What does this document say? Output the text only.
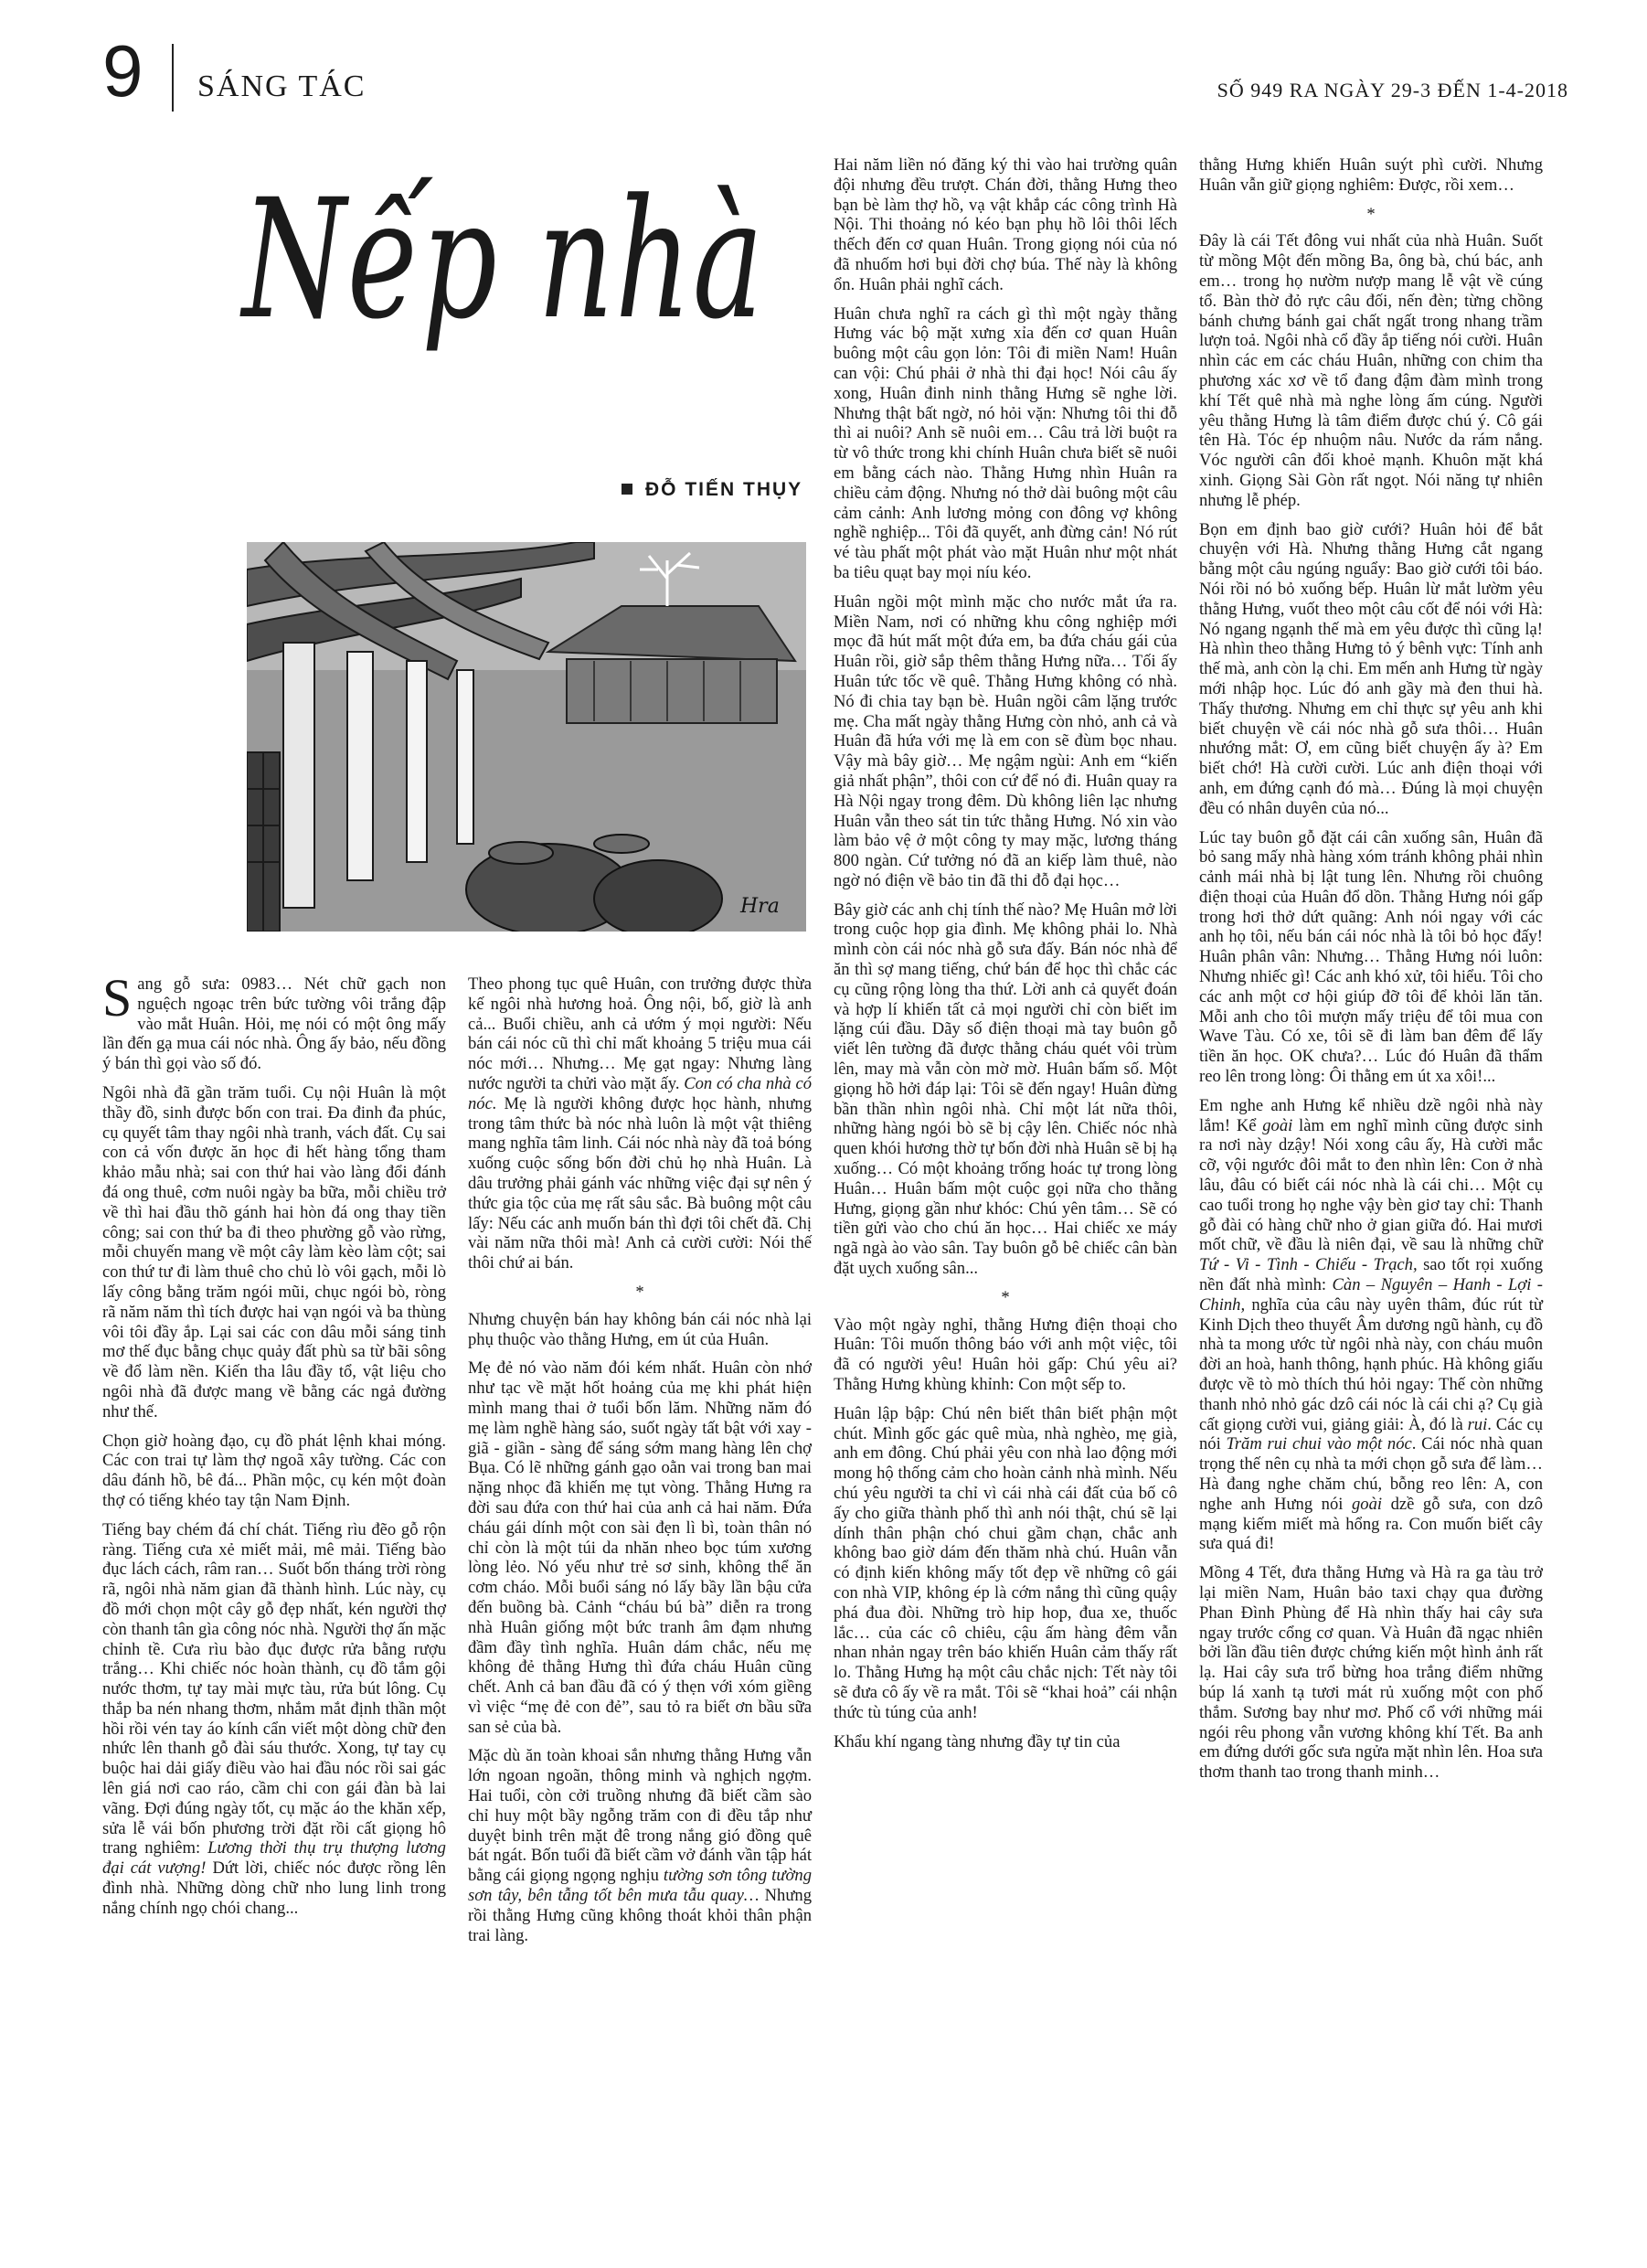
9 SÁNG TÁC	SỐ 949 RA NGÀY 29-3 ĐẾN 1-4-2018
Nếp nhà
ĐỖ TIẾN THỤY
Hra

Sang gỗ sưa: 0983… Nét chữ gạch non nguệch ngoạc trên bức tường vôi trắng đập vào mắt Huân. Hỏi, mẹ nói có một ông mấy lần đến gạ mua cái nóc nhà. Ông ấy bảo, nếu đồng ý bán thì gọi vào số đó.

Ngôi nhà đã gần trăm tuổi. Cụ nội Huân là một thầy đồ, sinh được bốn con trai. Đa đinh đa phúc, cụ quyết tâm thay ngôi nhà tranh, vách đất. Cụ sai con cả vốn được ăn học đi hết hàng tổng tham khảo mẫu nhà; sai con thứ hai vào làng đổi đánh đá ong thuê, cơm nuôi ngày ba bữa, mỗi chiều trở về thì hai đầu thõ gánh hai hòn đá ong thay tiền công; sai con thứ ba đi theo phường gỗ vào rừng, mỗi chuyến mang về một cây làm kèo làm cột; sai con thứ tư đi làm thuê cho chủ lò vôi gạch, mỗi lò lấy công bằng trăm ngói mũi, chục ngói bò, ròng rã năm năm thì tích được hai vạn ngói và ba thùng vôi tôi đầy ắp. Lại sai các con dâu mỗi sáng tinh mơ thế đục bằng chục quảy đất phù sa từ bãi sông về đổ làm nền. Kiến tha lâu đầy tổ, vật liệu cho ngôi nhà đã được mang về bằng các ngả đường như thế.

Chọn giờ hoàng đạo, cụ đồ phát lệnh khai móng. Các con trai tự làm thợ ngoã xây tường. Các con dâu đánh hồ, bê đá... Phần mộc, cụ kén một đoàn thợ có tiếng khéo tay tận Nam Định.

Tiếng bay chém đá chí chát. Tiếng rìu đẽo gỗ rộn ràng. Tiếng cưa xẻ miết mải, mê mải. Tiếng bào đục lách cách, râm ran… Suốt bốn tháng trời ròng rã, ngôi nhà năm gian đã thành hình. Lúc này, cụ đồ mới chọn một cây gỗ đẹp nhất, kén người thợ còn thanh tân gìa công nóc nhà. Người thợ ấn mặc chỉnh tề. Cưa rìu bào đục được rửa bằng rượu trắng… Khi chiếc nóc hoàn thành, cụ đồ tắm gội nước thơm, tự tay mài mực tàu, rửa bút lông. Cụ thắp ba nén nhang thơm, nhắm mắt định thần một hồi rồi vén tay áo kính cẩn viết một dòng chữ đen nhức lên thanh gỗ đài sáu thước. Xong, tự tay cụ buộc hai dải giấy điều vào hai đầu nóc rồi sai gác lên giá nơi cao ráo, cầm chi con gái đàn bà lai vãng. Đợi đúng ngày tốt, cụ mặc áo the khăn xếp, sửa lễ vái bốn phương trời đặt rồi cất giọng hô trang nghiêm: Lương thời thụ trụ thượng lương đại cát vượng! Dứt lời, chiếc nóc được rồng lên đình nhà. Những dòng chữ nho lung linh trong nắng chính ngọ chói chang...

Theo phong tục quê Huân, con trưởng được thừa kế ngôi nhà hương hoả. Ông nội, bố, giờ là anh cả... Buổi chiều, anh cả ướm ý mọi người: Nếu bán cái nóc cũ thì chỉ mất khoảng 5 triệu mua cái nóc mới… Nhưng… Mẹ gạt ngay: Nhưng làng nước người ta chửi vào mặt ấy. Con có cha nhà có nóc. Mẹ là người không được học hành, nhưng trong tâm thức bà nóc nhà luôn là một vật thiêng mang nghĩa tâm linh. Cái nóc nhà này đã toả bóng xuống cuộc sống bốn đời chủ họ nhà Huân. Là dâu trưởng phải gánh vác những việc đại sự nên ý thức gia tộc của mẹ rất sâu sắc. Bà buông một câu lấy: Nếu các anh muốn bán thì đợi tôi chết đã. Chị vài năm nữa thôi mà! Anh cả cười cười: Nói thế thôi chứ ai bán.

*

Nhưng chuyện bán hay không bán cái nóc nhà lại phụ thuộc vào thằng Hưng, em út của Huân.

Mẹ đẻ nó vào năm đói kém nhất. Huân còn nhớ như tạc về mặt hốt hoảng của mẹ khi phát hiện mình mang thai ở tuổi bốn lăm. Những năm đó mẹ làm nghề hàng sáo, suốt ngày tất bật với xay - giã - giần - sàng để sáng sớm mang hàng lên chợ Bụa. Có lẽ những gánh gạo oằn vai trong ban mai nặng nhọc đã khiến mẹ tụt vòng. Thằng Hưng ra đời sau đứa con thứ hai của anh cả hai năm. Đứa cháu gái dính một con sài đẹn lì bì, toàn thân nó chỉ còn là một túi da nhăn nheo bọc túm xương lòng lẻo. Nó yếu như trẻ sơ sinh, không thể ăn cơm cháo. Mỗi buổi sáng nó lấy bầy lần bậu cửa đến buồng bà. Cảnh “cháu bú bà” diễn ra trong nhà Huân giống một bức tranh âm đạm nhưng đầm đầy tình nghĩa. Huân dám chắc, nếu mẹ không đẻ thằng Hưng thì đứa cháu Huân cũng chết. Anh cả ban đầu đã có ý thẹn với xóm giềng vì việc “mẹ đẻ con đẻ”, sau tỏ ra biết ơn bầu sữa san sẻ của bà.

Mặc dù ăn toàn khoai sắn nhưng thằng Hưng vẫn lớn ngoan ngoãn, thông minh và nghịch ngợm. Hai tuổi, còn cởi truồng nhưng đã biết cầm sào chỉ huy một bầy ngỗng trăm con đi đều tắp như duyệt binh trên mặt đê trong nắng gió đồng quê bát ngát. Bốn tuổi đã biết cầm vở đánh vần tập hát bằng cái giọng ngọng nghịu tường sơn tông tường sơn tây, bên tẫng tốt bên mưa tẫu quay… Nhưng rồi thằng Hưng cũng không thoát khỏi thân phận trai làng.

Hai năm liền nó đăng ký thi vào hai trường quân đội nhưng đều trượt. Chán đời, thằng Hưng theo bạn bè làm thợ hồ, vạ vật khắp các công trình Hà Nội. Thi thoảng nó kéo bạn phụ hồ lôi thôi lếch thếch đến cơ quan Huân. Trong giọng nói của nó đã nhuốm hơi bụi đời chợ búa. Thế này là không ổn. Huân phải nghĩ cách.

Huân chưa nghĩ ra cách gì thì một ngày thằng Hưng vác bộ mặt xưng xỉa đến cơ quan Huân buông một câu gọn lỏn: Tôi đi miền Nam! Huân can vội: Chú phải ở nhà thi đại học! Nói câu ấy xong, Huân đinh ninh thằng Hưng sẽ nghe lời. Nhưng thật bất ngờ, nó hỏi vặn: Nhưng tôi thi đỗ thì ai nuôi? Anh sẽ nuôi em… Câu trả lời buột ra từ vô thức trong khi chính Huân chưa biết sẽ nuôi em bằng cách nào. Thằng Hưng nhìn Huân ra chiều cảm động. Nhưng nó thở dài buông một câu cảm cảnh: Anh lương mỏng con đông vợ không nghề nghiệp... Tôi đã quyết, anh đừng cản! Nó rút vé tàu phất một phát vào mặt Huân như một nhát ba tiêu quạt bay mọi níu kéo.

Huân ngồi một mình mặc cho nước mắt ứa ra. Miền Nam, nơi có những khu công nghiệp mới mọc đã hút mất một đứa em, ba đứa cháu gái của Huân rồi, giờ sắp thêm thằng Hưng nữa… Tối ấy Huân tức tốc về quê. Thằng Hưng không có nhà. Nó đi chia tay bạn bè. Huân ngồi câm lặng trước mẹ. Cha mất ngày thằng Hưng còn nhỏ, anh cả và Huân đã hứa với mẹ là em con sẽ đùm bọc nhau. Vậy mà bây giờ… Mẹ ngậm ngùi: Anh em “kiến giả nhất phận”, thôi con cứ để nó đi. Huân quay ra Hà Nội ngay trong đêm. Dù không liên lạc nhưng Huân vẫn theo sát tin tức thằng Hưng. Nó xin vào làm bảo vệ ở một công ty may mặc, lương tháng 800 ngàn. Cứ tưởng nó đã an kiếp làm thuê, nào ngờ nó điện về bảo tin đã thi đỗ đại học…

Bây giờ các anh chị tính thế nào? Mẹ Huân mở lời trong cuộc họp gia đình. Mẹ không phải lo. Nhà mình còn cái nóc nhà gỗ sưa đấy. Bán nóc nhà để ăn thì sợ mang tiếng, chứ bán để học thì chắc các cụ cũng rộng lòng tha thứ. Lời anh cả quyết đoán và hợp lí khiến tất cả mọi người chỉ còn biết im lặng cúi đầu. Dãy số điện thoại mà tay buôn gỗ viết lên tường đã được thằng cháu quét vôi trùm lên, may mà vẫn còn mờ mờ. Huân bấm số. Một giọng hồ hởi đáp lại: Tôi sẽ đến ngay! Huân đừng bần thần nhìn ngôi nhà. Chỉ một lát nữa thôi, những hàng ngói bò sẽ bị cậy lên. Chiếc nóc nhà quen khói hương thờ tự bốn đời nhà Huân sẽ bị hạ xuống… Có một khoảng trống hoác tự trong lòng Huân… Huân bấm một cuộc gọi nữa cho thằng Hưng, giọng gần như khóc: Chú yên tâm… Sẽ có tiền gửi vào cho chú ăn học… Hai chiếc xe máy ngã ngà ào vào sân. Tay buôn gỗ bê chiếc cân bàn đặt uỵch xuống sân...

*

Vào một ngày nghỉ, thằng Hưng điện thoại cho Huân: Tôi muốn thông báo với anh một việc, tôi đã có người yêu! Huân hỏi gấp: Chú yêu ai? Thằng Hưng khùng khỉnh: Con một sếp to.

Huân lập bập: Chú nên biết thân biết phận một chút. Mình gốc gác quê mùa, nhà nghèo, mẹ già, anh em đông. Chú phải yêu con nhà lao động mới mong hộ thống cảm cho hoàn cảnh nhà mình. Nếu chú yêu người ta chỉ vì cái nhà cái đất của bố cô ấy cho giữa thành phố thì anh nói thật, chú sẽ lại dính thân phận chó chui gầm chạn, chắc anh không bao giờ dám đến thăm nhà chú. Huân vẫn có định kiến không mấy tốt đẹp về những cô gái con nhà VIP, không ép là cớm nắng thì cũng quậy phá đua đòi. Những trò hip hop, đua xe, thuốc lắc… của các cô chiêu, cậu ấm hàng đêm vẫn nhan nhản ngay trên báo khiến Huân cảm thấy rất lo. Thằng Hưng hạ một câu chắc nịch: Tết này tôi sẽ đưa cô ấy về ra mắt. Tôi sẽ “khai hoả” cái nhận thức tù túng của anh!

Khẩu khí ngang tàng nhưng đầy tự tin của

thằng Hưng khiến Huân suýt phì cười. Nhưng Huân vẫn giữ giọng nghiêm: Được, rồi xem…

*

Đây là cái Tết đông vui nhất của nhà Huân. Suốt từ mồng Một đến mồng Ba, ông bà, chú bác, anh em… trong họ nườm nượp mang lễ vật về cúng tổ. Bàn thờ đỏ rực câu đối, nến đèn; từng chồng bánh chưng bánh gai chất ngất trong nhang trầm lượn toả. Ngôi nhà cổ đầy ắp tiếng nói cười. Huân nhìn các em các cháu Huân, những con chim tha phương xác xơ về tổ đang đậm đàm mình trong khí Tết quê nhà mà nghe lòng ấm cúng. Người yêu thằng Hưng là tâm điểm được chú ý. Cô gái tên Hà. Tóc ép nhuộm nâu. Nước da rám nắng. Vóc người cân đối khoẻ mạnh. Khuôn mặt khá xinh. Giọng Sài Gòn rất ngọt. Nói năng tự nhiên nhưng lễ phép.

Bọn em định bao giờ cưới? Huân hỏi để bắt chuyện với Hà. Nhưng thằng Hưng cắt ngang bằng một câu ngúng nguẩy: Bao giờ cưới tôi báo. Nói rồi nó bỏ xuống bếp. Huân lừ mắt lườm yêu thằng Hưng, vuốt theo một câu cốt để nói với Hà: Nó ngang ngạnh thế mà em yêu được thì cũng lạ! Hà nhìn theo thằng Hưng tỏ ý bênh vực: Tính anh thế mà, anh còn lạ chi. Em mến anh Hưng từ ngày mới nhập học. Lúc đó anh gầy mà đen thui hà. Thấy thương. Nhưng em chỉ thực sự yêu anh khi biết chuyện về cái nóc nhà gỗ sưa thôi… Huân nhướng mắt: Ơ, em cũng biết chuyện ấy à? Em biết chớ! Hà cười cười. Lúc anh điện thoại với anh, em đứng cạnh đó mà… Đúng là mọi chuyện đều có nhân duyên của nó...

Lúc tay buôn gỗ đặt cái cân xuống sân, Huân đã bỏ sang mấy nhà hàng xóm tránh không phải nhìn cảnh mái nhà bị lật tung lên. Nhưng rồi chuông điện thoại của Huân đổ dồn. Thằng Hưng nói gấp trong hơi thở dứt quãng: Anh nói ngay với các anh họ tôi, nếu bán cái nóc nhà là tôi bỏ học đấy! Huân phân vân: Nhưng… Thằng Hưng nói luôn: Nhưng nhiếc gì! Các anh khó xử, tôi hiểu. Tôi cho các anh một cơ hội giúp đỡ tôi để khỏi lăn tăn. Mỗi anh cho tôi mượn mấy triệu để tôi mua con Wave Tàu. Có xe, tôi sẽ đi làm ban đêm để lấy tiền ăn học. OK chưa?… Lúc đó Huân đã thẩm reo lên trong lòng: Ôi thằng em út xa xôi!...

Em nghe anh Hưng kể nhiều dzề ngôi nhà này lắm! Kể goài làm em nghĩ mình cũng được sinh ra nơi này dzậy! Nói xong câu ấy, Hà cười mắc cỡ, vội ngước đôi mắt to đen nhìn lên: Con ở nhà lâu, đâu có biết cái nóc nhà là cái chi… Một cụ cao tuổi trong họ nghe vậy bèn giơ tay chỉ: Thanh gỗ đài có hàng chữ nho ở gian giữa đó. Hai mươi mốt chữ, về đầu là niên đại, về sau là những chữ Tứ - Vi - Tình - Chiếu - Trạch, sao tốt rọi xuống nền đất nhà mình: Càn – Nguyên – Hanh - Lợi - Chinh, nghĩa của câu này uyên thâm, đúc rút từ Kinh Dịch theo thuyết Âm dương ngũ hành, cụ đồ nhà ta mong ước từ ngôi nhà này, con cháu muôn đời an hoà, hanh thông, hạnh phúc. Hà không giấu được về tò mò thích thú hỏi ngay: Thế còn những thanh nhỏ nhỏ gác dzô cái nóc là cái chi ạ? Cụ già cất giọng cười vui, giảng giải: À, đó là rui. Các cụ nói Trăm rui chui vào một nóc. Cái nóc nhà quan trọng thế nên cụ nhà ta mới chọn gỗ sưa để làm… Hà đang nghe chăm chú, bỗng reo lên: A, con nghe anh Hưng nói goài dzề gỗ sưa, con dzô mạng kiếm miết mà hổng ra. Con muốn biết cây sưa quá đi!

Mồng 4 Tết, đưa thằng Hưng và Hà ra ga tàu trở lại miền Nam, Huân bảo taxi chạy qua đường Phan Đình Phùng để Hà nhìn thấy hai cây sưa ngay trước cổng cơ quan. Và Huân đã ngạc nhiên bởi lần đầu tiên được chứng kiến một hình ảnh rất lạ. Hai cây sưa trổ bừng hoa trắng điểm những búp lá xanh tạ tươi mát rủ xuống một con phố thắm. Sương bay như mơ. Phố cổ với những mái ngói rêu phong vẫn vương không khí Tết. Ba anh em đứng dưới gốc sưa ngửa mặt nhìn lên. Hoa sưa thơm thanh tao trong thanh minh…
